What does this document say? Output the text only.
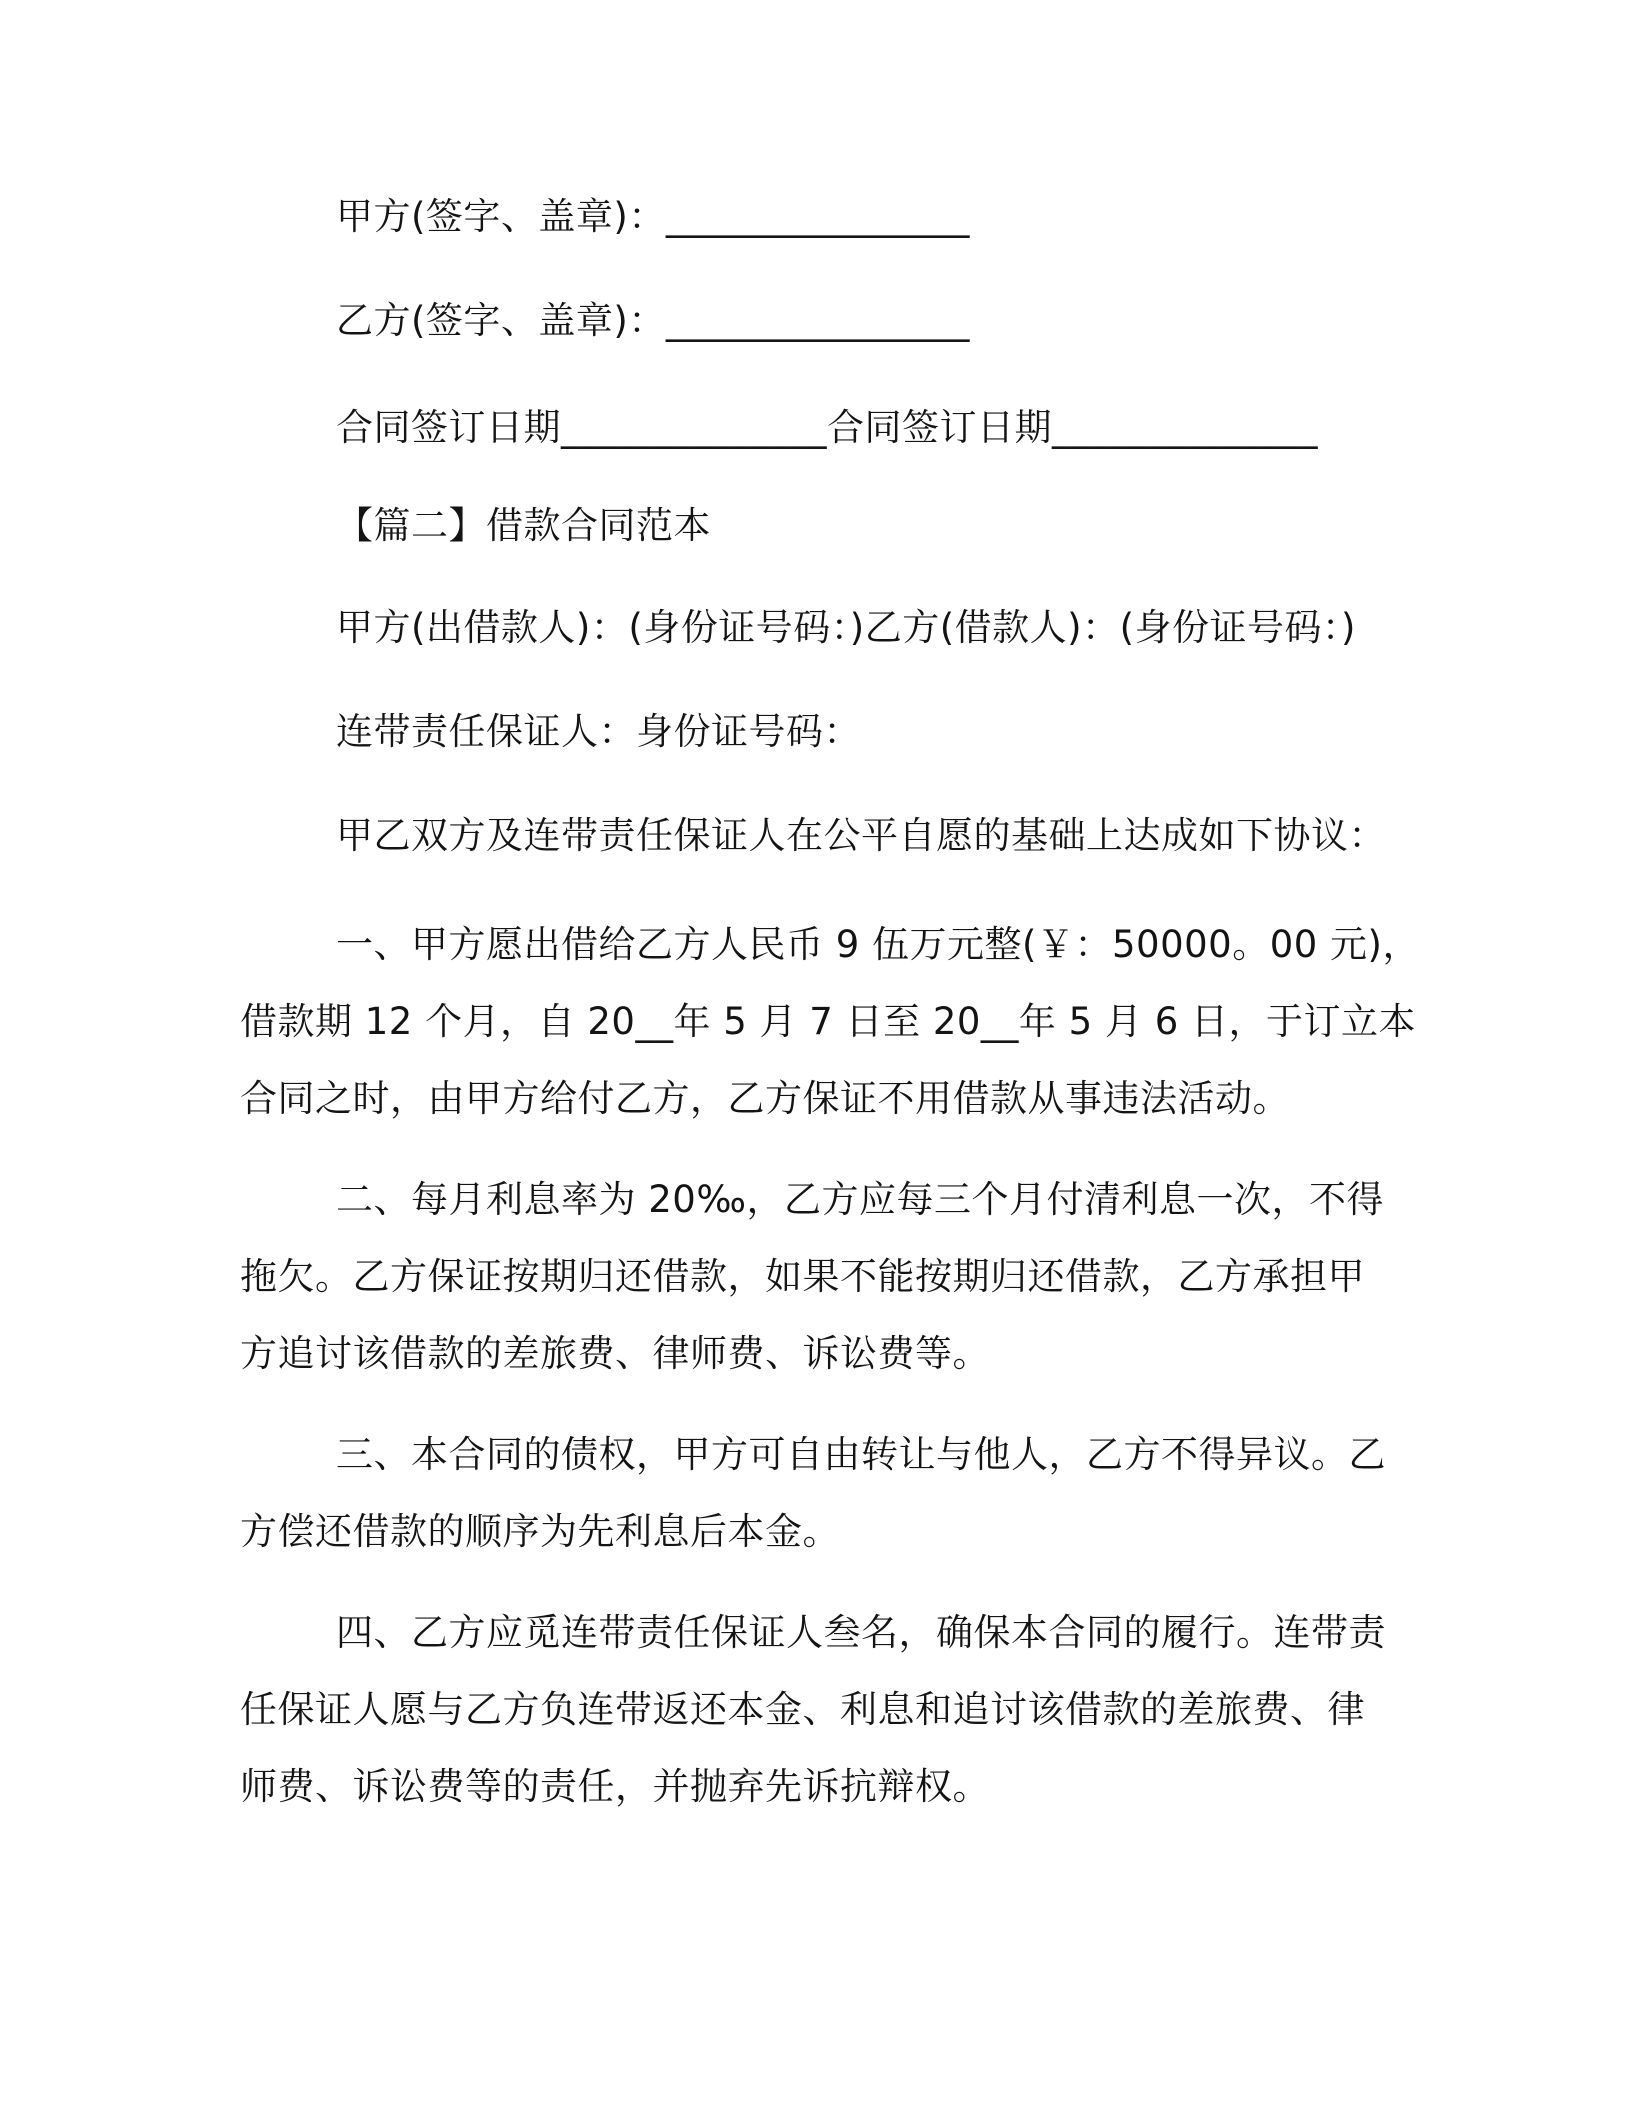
甲方(签字、盖章)：________________
乙方(签字、盖章)：________________
合同签订日期______________合同签订日期______________
【篇二】借款合同范本
甲方(出借款人)：(身份证号码：)乙方(借款人)：(身份证号码：)
连带责任保证人：身份证号码：
甲乙双方及连带责任保证人在公平自愿的基础上达成如下协议：
一、甲方愿出借给乙方人民币 9 伍万元整(￥：50000。00 元)，
借款期 12 个月，自 20__年 5 月 7 日至 20__年 5 月 6 日，于订立本
合同之时，由甲方给付乙方，乙方保证不用借款从事违法活动。
二、每月利息率为 20‰，乙方应每三个月付清利息一次，不得
拖欠。乙方保证按期归还借款，如果不能按期归还借款，乙方承担甲
方追讨该借款的差旅费、律师费、诉讼费等。
三、本合同的债权，甲方可自由转让与他人，乙方不得异议。乙
方偿还借款的顺序为先利息后本金。
四、乙方应觅连带责任保证人叁名，确保本合同的履行。连带责
任保证人愿与乙方负连带返还本金、利息和追讨该借款的差旅费、律
师费、诉讼费等的责任，并抛弃先诉抗辩权。
